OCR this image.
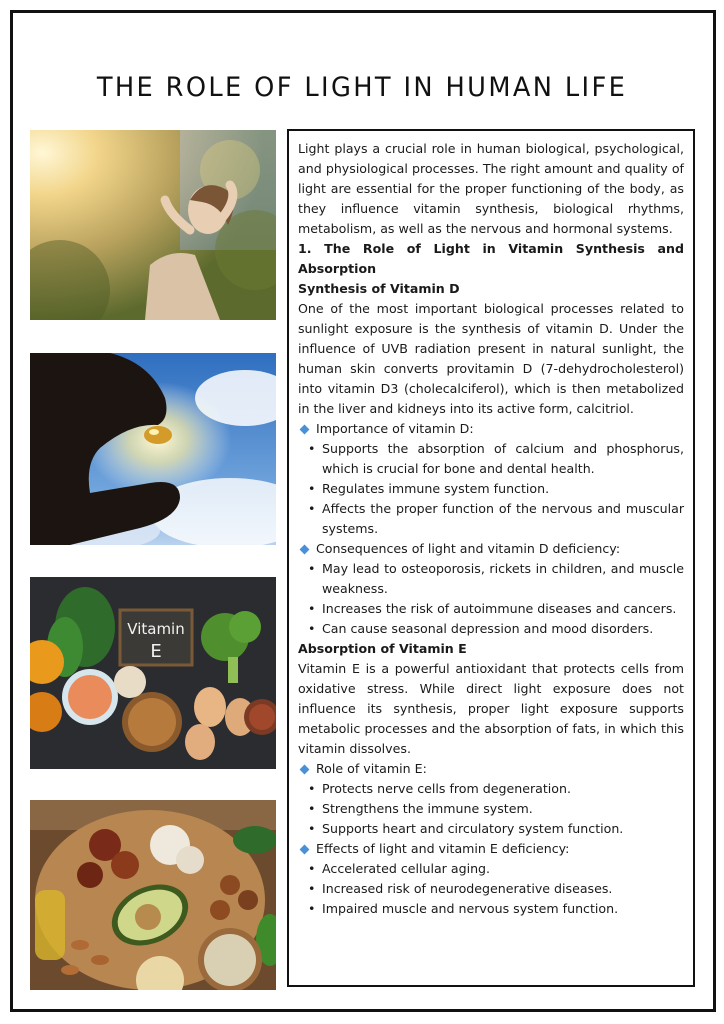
THE ROLE OF LIGHT IN HUMAN LIFE
Vitamin
E

Light plays a crucial role in human biological, psychological, and physiological processes. The right amount and quality of light are essential for the proper functioning of the body, as they influence vitamin synthesis, biological rhythms, metabolism, as well as the nervous and hormonal systems.

1. The Role of Light in Vitamin Synthesis and Absorption

Synthesis of Vitamin D

One of the most important biological processes related to sunlight exposure is the synthesis of vitamin D. Under the influence of UVB radiation present in natural sunlight, the human skin converts provitamin D (7-dehydrocholesterol) into vitamin D3 (cholecalciferol), which is then metabolized in the liver and kidneys into its active form, calcitriol.

Importance of vitamin D:
• Supports the absorption of calcium and phosphorus, which is crucial for bone and dental health.
• Regulates immune system function.
• Affects the proper function of the nervous and muscular systems.
Consequences of light and vitamin D deficiency:
• May lead to osteoporosis, rickets in children, and muscle weakness.
• Increases the risk of autoimmune diseases and cancers.
• Can cause seasonal depression and mood disorders.

Absorption of Vitamin E

Vitamin E is a powerful antioxidant that protects cells from oxidative stress. While direct light exposure does not influence its synthesis, proper light exposure supports metabolic processes and the absorption of fats, in which this vitamin dissolves.

Role of vitamin E:
• Protects nerve cells from degeneration.
• Strengthens the immune system.
• Supports heart and circulatory system function.
Effects of light and vitamin E deficiency:
• Accelerated cellular aging.
• Increased risk of neurodegenerative diseases.
• Impaired muscle and nervous system function.
